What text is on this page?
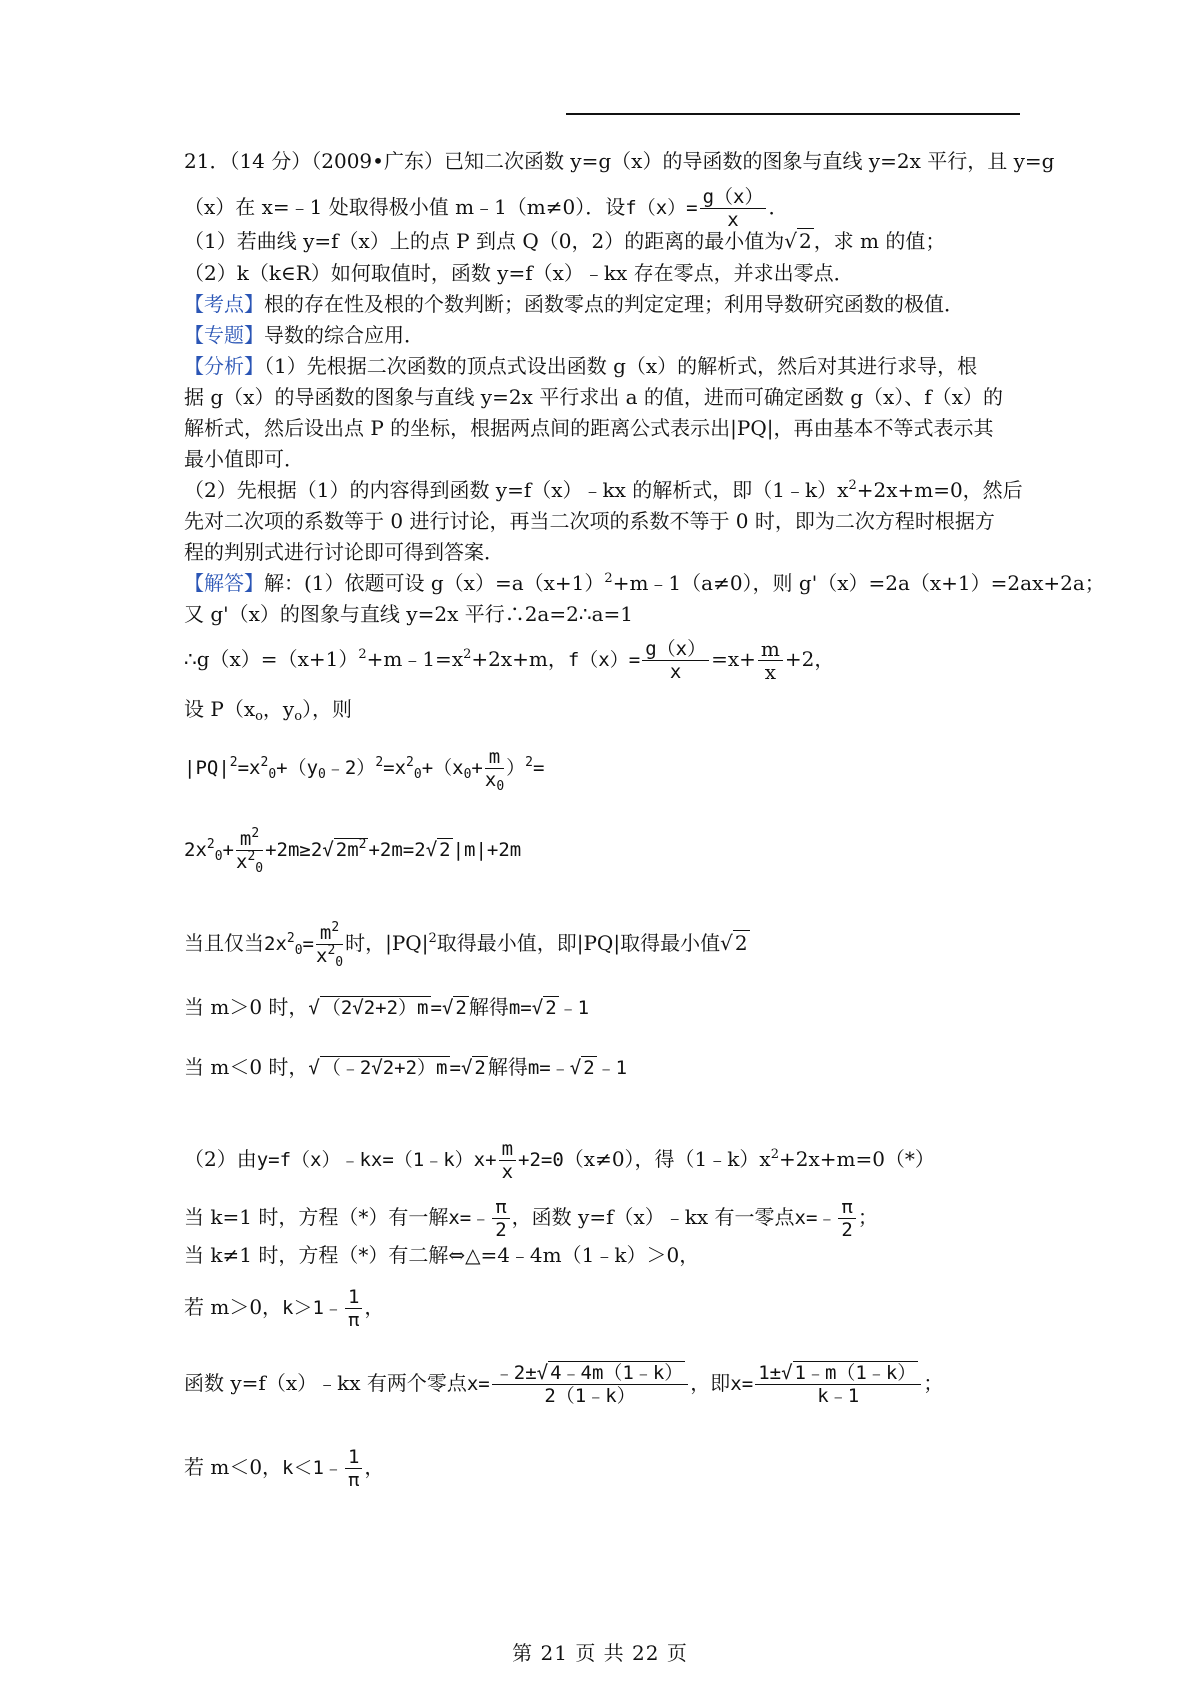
21．（14 分）（2009•广东）已知二次函数 y=g（x）的导函数的图象与直线 y=2x 平行，且 y=g
（x）在 x=﹣1 处取得极小值 m﹣1（m≠0）．设$f(x)= \frac{g(x)}{x}$ ．
（1）若曲线 y=f（x）上的点 P 到点 Q（0，2）的距离的最小值为√ 2 ，求 m 的值；
（2）k（k∈R）如何取值时，函数 y=f（x）﹣kx 存在零点，并求出零点．
【考点】根的存在性及根的个数判断；函数零点的判定定理；利用导数研究函数的极值．
【专题】导数的综合应用．
【分析】（1）先根据二次函数的顶点式设出函数 g（x）的解析式，然后对其进行求导，根
据 g（x）的导函数的图象与直线 y=2x 平行求出 a 的值，进而可确定函数 g（x）、f（x）的
解析式，然后设出点 P 的坐标，根据两点间的距离公式表示出|PQ|，再由基本不等式表示其
最小值即可．
（2）先根据（1）的内容得到函数 y=f（x）﹣kx 的解析式，即$(1﹣k)x^2+2x+m=0$，然后
先对二次项的系数等于 0 进行讨论，再当二次项的系数不等于 0 时，即为二次方程时根据方
程的判别式进行讨论即可得到答案．
【解答】解：(1）依题可设 $g(x)=a(x+1)^2+m﹣1(a\ne 0)$，则 g'（x）=2a（x+1）=2ax+2a；
又 g'（x）的图象与直线 y=2x 平行∴2a=2∴a=1
$\therefore g(x)=(x+1)^2+m﹣1=x^2+2x+m$，$f(x)= \frac{g(x)}{x} =x+ \frac{m}{x} +2$，
设 $P(x_o$，$y_o$），则
$|PQ|^2=x^2_0+(y_0﹣2)^2=x^2_0+(x_0+ \frac{m}{x_0} )^2=$
$2x^2_0+ \frac{m^2}{x^2_0} +2m\ge 2√$ $2m^2 +2m=2√$ 2 |m|+2m
当且仅当$2x^2_0= \frac{m^2}{x^2_0}$ 时，$|PQ|^2$取得最小值，即|PQ|取得最小值√ 2
当 m＞0 时，√ （2√2+2）m =√ 2 解得m=√ 2 ﹣1
当 m＜0 时，√ （﹣2√2+2）m =√ 2 解得m=﹣√ 2 ﹣1
（2）由y=f（x）﹣kx=（1﹣k）x+ $\frac{m}{x} +2=0(x\ne 0)$，得$(1﹣k)x^2+2x+m=0(*)$
当 k=1 时，方程（*）有一解x=﹣ $\frac{\pi}{2}$ ，函数 y=f（x）﹣kx 有一零点x=﹣ $\frac{\pi}{2}$ ；
当 k≠1 时，方程（*）有二解⇔△=4﹣4m（1﹣k）＞0，
若 m＞0，k＞1﹣ $\frac{1}{\pi}$ ，
函数 y=f（x）﹣kx 有两个零点$x= \frac{﹣2\pm√ 4﹣4m(1﹣k)}{2(1﹣k)}$ ，即$x= \frac{1\pm√ 1﹣m(1﹣k)}{k﹣1}$ ；
若 m＜0，k＜1﹣ $\frac{1}{\pi}$ ，
第 21 页 共 22 页
